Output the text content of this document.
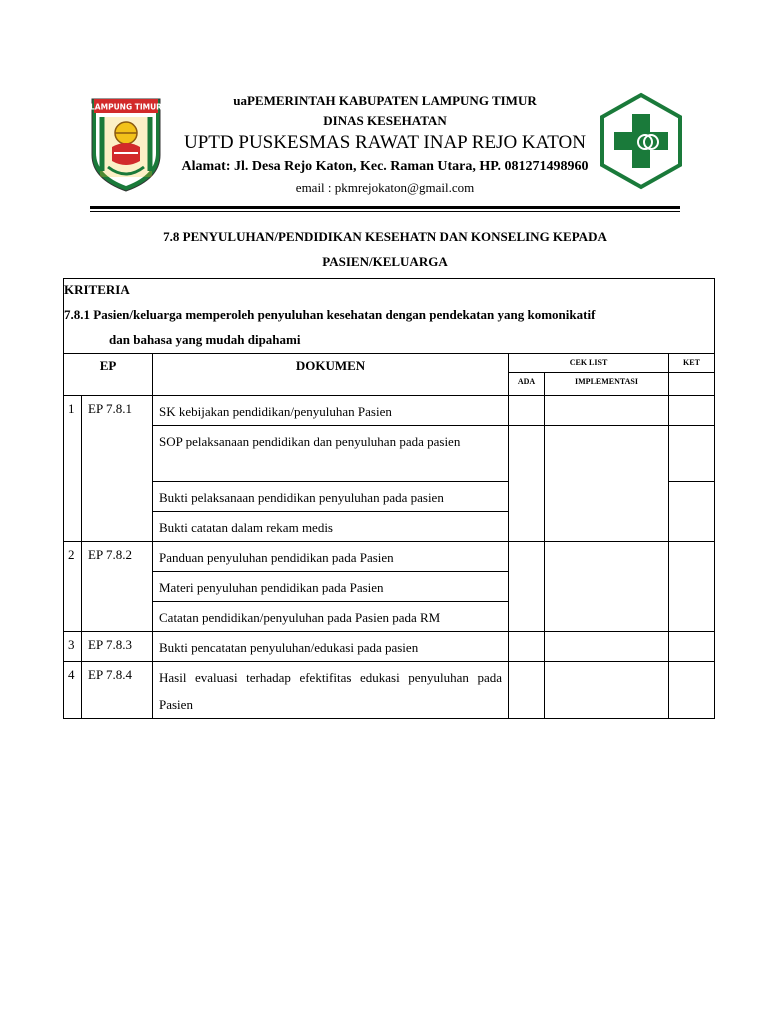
LAMPUNG TIMUR	uaPEMERINTAH KABUPATEN LAMPUNG TIMUR
DINAS KESEHATAN
UPTD PUSKESMAS RAWAT INAP REJO KATON
Alamat: Jl. Desa Rejo Katon, Kec. Raman Utara, HP. 081271498960
email : pkmrejokaton@gmail.com
7.8 PENYULUHAN/PENDIDIKAN KESEHATN DAN KONSELING KEPADA
PASIEN/KELUARGA
KRITERIA
7.8.1 Pasien/keluarga memperoleh penyuluhan kesehatan dengan pendekatan yang komonikatif
dan bahasa yang mudah dipahami					

EP		DOKUMEN	CEK LIST		KET
			ADA	IMPLEMENTASI	
1	EP 7.8.1	SK kebijakan pendidikan/penyuluhan Pasien			
		SOP pelaksanaan pendidikan dan penyuluhan pada pasien			
		Bukti pelaksanaan pendidikan penyuluhan pada pasien			
		Bukti catatan dalam rekam medis			
2	EP 7.8.2	Panduan penyuluhan pendidikan pada Pasien			
		Materi penyuluhan pendidikan pada Pasien			
		Catatan pendidikan/penyuluhan pada Pasien pada RM			
3	EP 7.8.3	Bukti pencatatan penyuluhan/edukasi pada pasien			
4	EP 7.8.4	Hasil evaluasi terhadap efektifitas edukasi penyuluhan pada Pasien			
